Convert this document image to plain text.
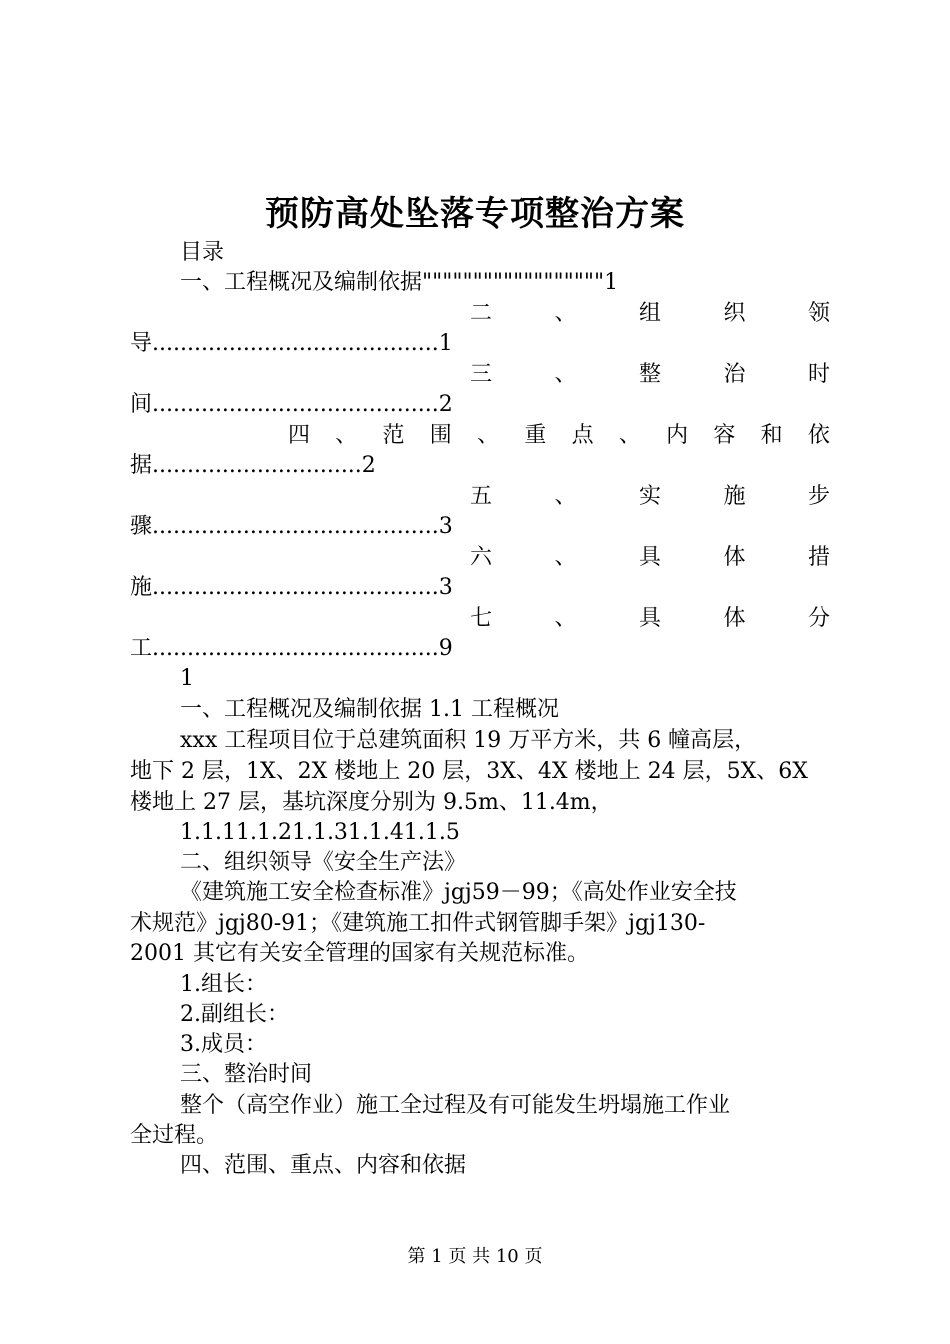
预防高处坠落专项整治方案
目录
一、工程概况及编制依据""""""""""""""""""1
二	、	组	织	领
导.........................................1
三	、	整	治	时
间.........................................2
四 、 范 围 、 重 点 、 内 容 和 依
据..............................2
五	、	实	施	步
骤.........................................3
六	、	具	体	措
施.........................................3
七	、	具	体	分
工.........................................9
1
一、工程概况及编制依据 1.1 工程概况
xxx 工程项目位于总建筑面积 19 万平方米，共 6 幢高层，
地下 2 层，1X、2X 楼地上 20 层，3X、4X 楼地上 24 层，5X、6X
楼地上 27 层，基坑深度分别为 9.5m、11.4m，
1.1.11.1.21.1.31.1.41.1.5
二、组织领导《安全生产法》
《建筑施工安全检查标准》jgj59－99；《高处作业安全技
术规范》jgj80-91；《建筑施工扣件式钢管脚手架》jgj130-
2001 其它有关安全管理的国家有关规范标准。
1.组长：
2.副组长：
3.成员：
三、整治时间
整个（高空作业）施工全过程及有可能发生坍塌施工作业
全过程。
四、范围、重点、内容和依据
第 1 页 共 10 页
